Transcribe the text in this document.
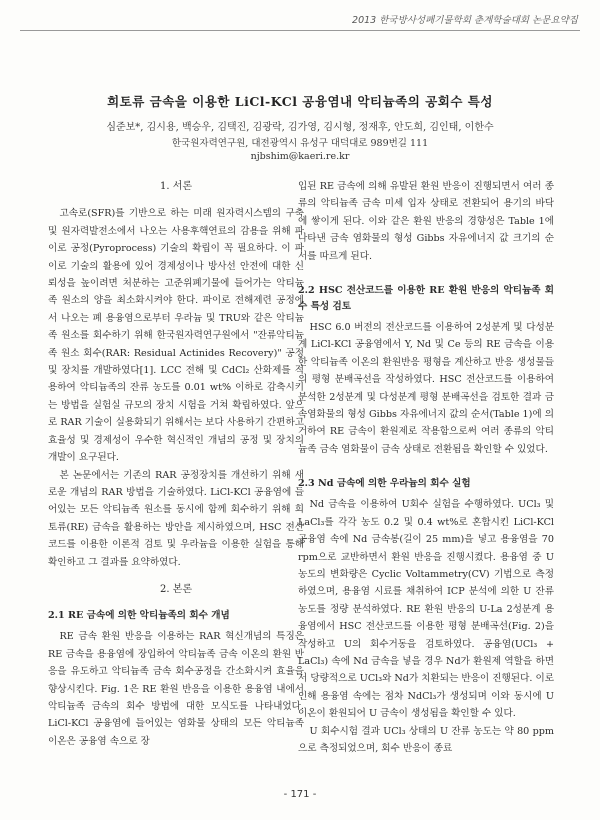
2013 한국방사성폐기물학회 춘계학술대회 논문요약집
희토류 금속을 이용한 LiCl-KCl 공융염내 악티늄족의 공회수 특성
심준보*, 김시용, 백승우, 김택진, 김광락, 김가영, 김시형, 정재후, 안도희, 김인태, 이한수
한국원자력연구원, 대전광역시 유성구 대덕대로 989번길 111
njbshim@kaeri.re.kr
1. 서론

고속로(SFR)를 기반으로 하는 미래 원자력시스템의 구축 및 원자력발전소에서 나오는 사용후핵연료의 감용을 위해 파이로 공정(Pyroprocess) 기술의 확립이 꼭 필요하다. 이 파이로 기술의 활용에 있어 경제성이나 방사선 안전에 대한 신뢰성을 높이려면 처분하는 고준위폐기물에 들어가는 악티늄족 원소의 양을 최소화시켜야 한다. 파이로 전해제련 공정에서 나오는 폐 용융염으로부터 우라늄 및 TRU와 같은 악티늄족 원소를 회수하기 위해 한국원자력연구원에서 "잔류악티늄족 원소 회수(RAR: Residual Actinides Recovery)" 공정 및 장치를 개발하였다[1]. LCC 전해 및 CdCl₂ 산화제를 적용하여 악티늄족의 잔류 농도를 0.01 wt% 이하로 감축시키는 방법을 실험실 규모의 장치 시험을 거쳐 확립하였다. 앞으로 RAR 기술이 실용화되기 위해서는 보다 사용하기 간편하고 효율성 및 경제성이 우수한 혁신적인 개념의 공정 및 장치의 개발이 요구된다.

본 논문에서는 기존의 RAR 공정장치를 개선하기 위해 새로운 개념의 RAR 방법을 기술하였다. LiCl-KCl 공융염에 들어있는 모든 악티늄족 원소를 동시에 함께 회수하기 위해 희토류(RE) 금속을 활용하는 방안을 제시하였으며, HSC 전산코드를 이용한 이론적 검토 및 우라늄을 이용한 실험을 통해 확인하고 그 결과를 요약하였다.

2. 본론
2.1 RE 금속에 의한 악티늄족의 회수 개념

RE 금속 환원 반응을 이용하는 RAR 혁신개념의 특징은 RE 금속을 용융염에 장입하여 악티늄족 금속 이온의 환원 반응을 유도하고 악티늄족 금속 회수공정을 간소화시켜 효율을 향상시킨다. Fig. 1은 RE 환원 반응을 이용한 용융염 내에서 악티늄족 금속의 회수 방법에 대한 모식도를 나타내었다. LiCl-KCl 공융염에 들어있는 염화물 상태의 모든 악티늄족 이온은 공융염 속으로 장

입된 RE 금속에 의해 유발된 환원 반응이 진행되면서 여러 종류의 악티늄족 금속 미세 입자 상태로 전환되어 용기의 바닥에 쌓이게 된다. 이와 같은 환원 반응의 경향성은 Table 1에 나타낸 금속 염화물의 형성 Gibbs 자유에너지 값 크기의 순서를 따르게 된다.

2.2 HSC 전산코드를 이용한 RE 환원 반응의 악티늄족 회수 특성 검토

HSC 6.0 버전의 전산코드를 이용하여 2성분계 및 다성분계 LiCl-KCl 공융염에서 Y, Nd 및 Ce 등의 RE 금속을 이용한 악티늄족 이온의 환원반응 평형을 계산하고 반응 생성물들의 평형 분배곡선을 작성하였다. HSC 전산코드를 이용하여 분석한 2성분계 및 다성분계 평형 분배곡선을 검토한 결과 금속염화물의 형성 Gibbs 자유에너지 값의 순서(Table 1)에 의거하여 RE 금속이 환원제로 작용함으로써 여러 종류의 악티늄족 금속 염화물이 금속 상태로 전환됨을 확인할 수 있었다.

2.3 Nd 금속에 의한 우라늄의 회수 실험

Nd 금속을 이용하여 U회수 실험을 수행하였다. UCl₃ 및 LaCl₃를 각각 농도 0.2 및 0.4 wt%로 혼합시킨 LiCl-KCl 공융염 속에 Nd 금속봉(길이 25 mm)을 넣고 용융염을 70 rpm으로 교반하면서 환원 반응을 진행시켰다. 용융염 중 U 농도의 변화량은 Cyclic Voltammetry(CV) 기법으로 측정하였으며, 용융염 시료를 채취하여 ICP 분석에 의한 U 잔류 농도를 정량 분석하였다. RE 환원 반응의 U-La 2성분계 용융염에서 HSC 전산코드를 이용한 평형 분배곡선(Fig. 2)을 작성하고 U의 회수거동을 검토하였다. 공융염(UCl₃ + LaCl₃) 속에 Nd 금속을 넣을 경우 Nd가 환원제 역할을 하면서 당량적으로 UCl₃와 Nd가 치환되는 반응이 진행된다. 이로 인해 용융염 속에는 점차 NdCl₃가 생성되며 이와 동시에 U 이온이 환원되어 U 금속이 생성됨을 확인할 수 있다.

U 회수시험 결과 UCl₃ 상태의 U 잔류 농도는 약 80 ppm으로 측정되었으며, 회수 반응이 종료

- 171 -
